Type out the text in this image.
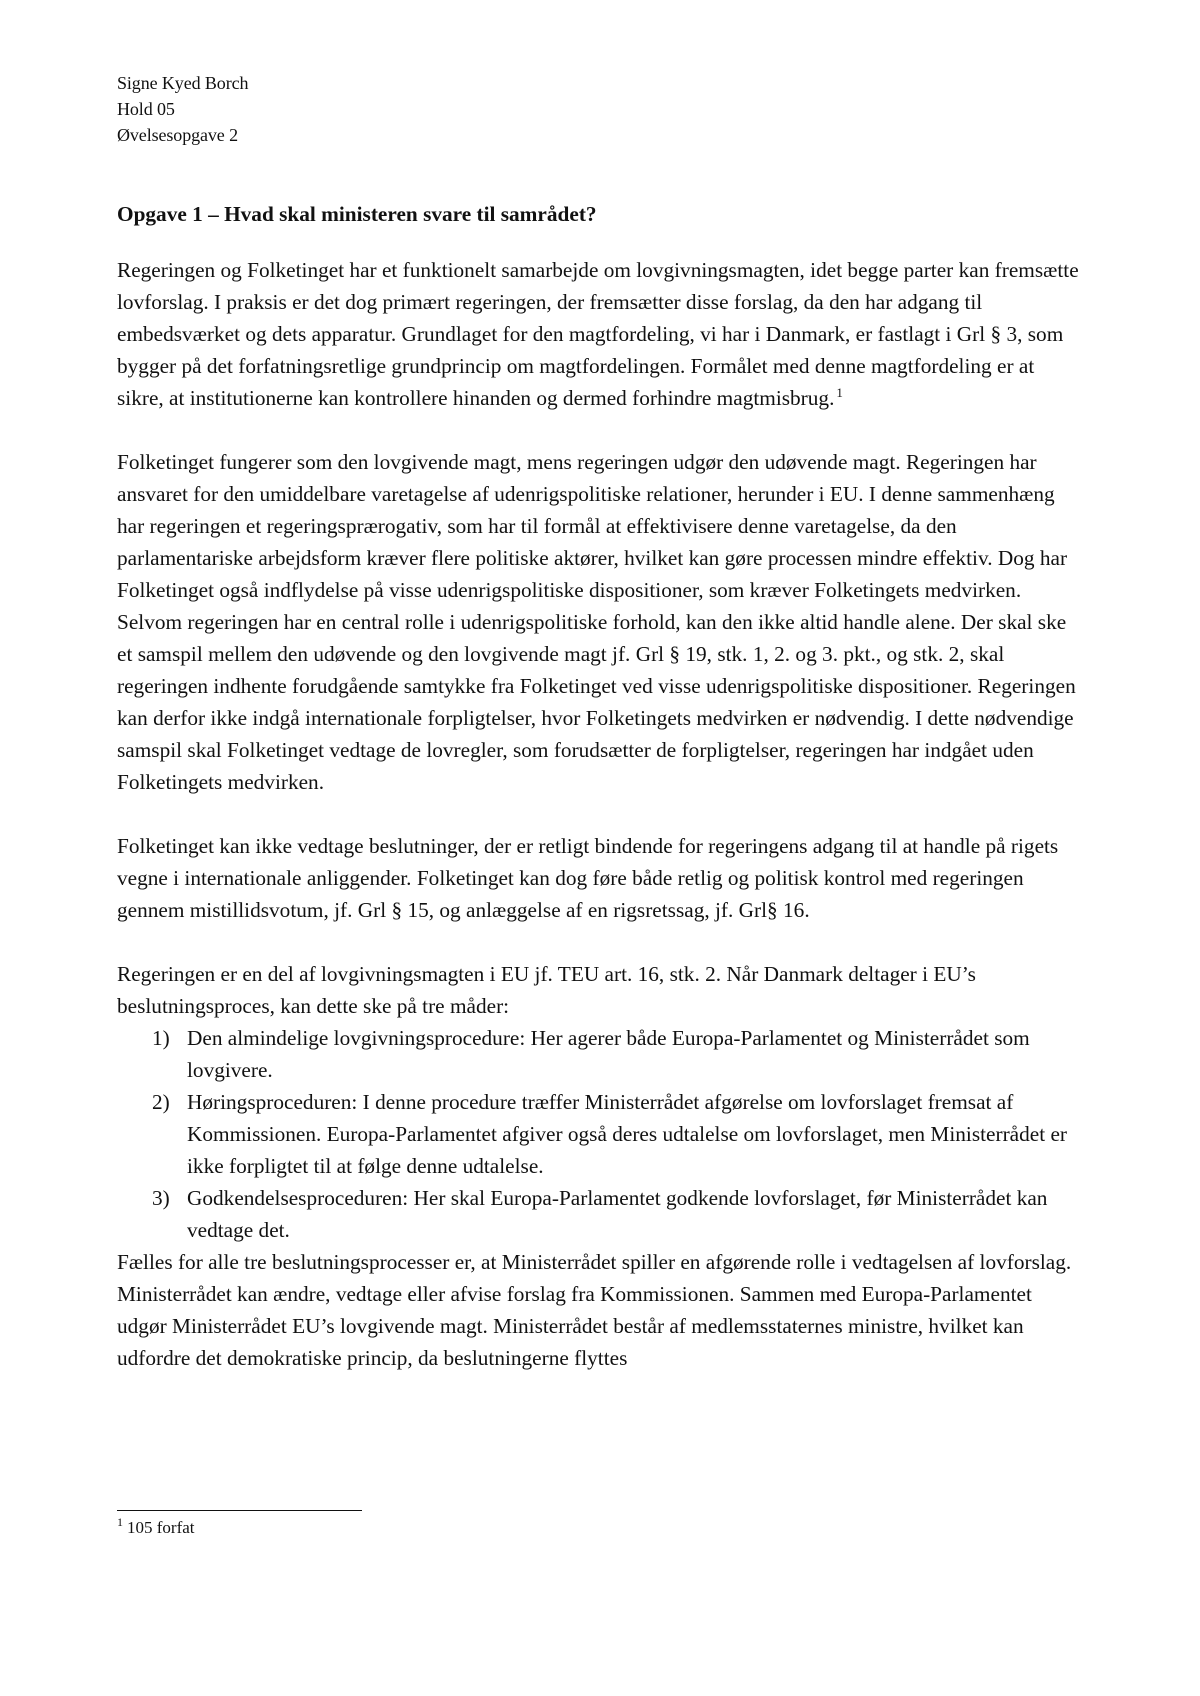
Signe Kyed Borch
Hold 05
Øvelsesopgave 2
Opgave 1 – Hvad skal ministeren svare til samrådet?

Regeringen og Folketinget har et funktionelt samarbejde om lovgivningsmagten, idet begge parter kan fremsætte lovforslag. I praksis er det dog primært regeringen, der fremsætter disse forslag, da den har adgang til embedsværket og dets apparatur. Grundlaget for den magtfordeling, vi har i Danmark, er fastlagt i Grl § 3, som bygger på det forfatningsretlige grundprincip om magtfordelingen. Formålet med denne magtfordeling er at sikre, at institutionerne kan kontrollere hinanden og dermed forhindre magtmisbrug. $^1$

Folketinget fungerer som den lovgivende magt, mens regeringen udgør den udøvende magt. Regeringen har ansvaret for den umiddelbare varetagelse af udenrigspolitiske relationer, herunder i EU. I denne sammenhæng har regeringen et regeringsprærogativ, som har til formål at effektivisere denne varetagelse, da den parlamentariske arbejdsform kræver flere politiske aktører, hvilket kan gøre processen mindre effektiv. Dog har Folketinget også indflydelse på visse udenrigspolitiske dispositioner, som kræver Folketingets medvirken.

Selvom regeringen har en central rolle i udenrigspolitiske forhold, kan den ikke altid handle alene. Der skal ske et samspil mellem den udøvende og den lovgivende magt jf. Grl § 19, stk. 1, 2. og 3. pkt., og stk. 2, skal regeringen indhente forudgående samtykke fra Folketinget ved visse udenrigspolitiske dispositioner. Regeringen kan derfor ikke indgå internationale forpligtelser, hvor Folketingets medvirken er nødvendig. I dette nødvendige samspil skal Folketinget vedtage de lovregler, som forudsætter de forpligtelser, regeringen har indgået uden Folketingets medvirken.

Folketinget kan ikke vedtage beslutninger, der er retligt bindende for regeringens adgang til at handle på rigets vegne i internationale anliggender. Folketinget kan dog føre både retlig og politisk kontrol med regeringen gennem mistillidsvotum, jf. Grl § 15, og anlæggelse af en rigsretssag, jf. Grl§ 16.

Regeringen er en del af lovgivningsmagten i EU jf. TEU art. 16, stk. 2. Når Danmark deltager i EU’s beslutningsproces, kan dette ske på tre måder:

1) Den almindelige lovgivningsprocedure: Her agerer både Europa-Parlamentet og Ministerrådet som lovgivere.
2) Høringsproceduren: I denne procedure træffer Ministerrådet afgørelse om lovforslaget fremsat af Kommissionen. Europa-Parlamentet afgiver også deres udtalelse om lovforslaget, men Ministerrådet er ikke forpligtet til at følge denne udtalelse.
3) Godkendelsesproceduren: Her skal Europa-Parlamentet godkende lovforslaget, før Ministerrådet kan vedtage det.

Fælles for alle tre beslutningsprocesser er, at Ministerrådet spiller en afgørende rolle i vedtagelsen af lovforslag. Ministerrådet kan ændre, vedtage eller afvise forslag fra Kommissionen. Sammen med Europa-Parlamentet udgør Ministerrådet EU’s lovgivende magt. Ministerrådet består af medlemsstaternes ministre, hvilket kan udfordre det demokratiske princip, da beslutningerne flyttes

$^1$ 105 forfat
